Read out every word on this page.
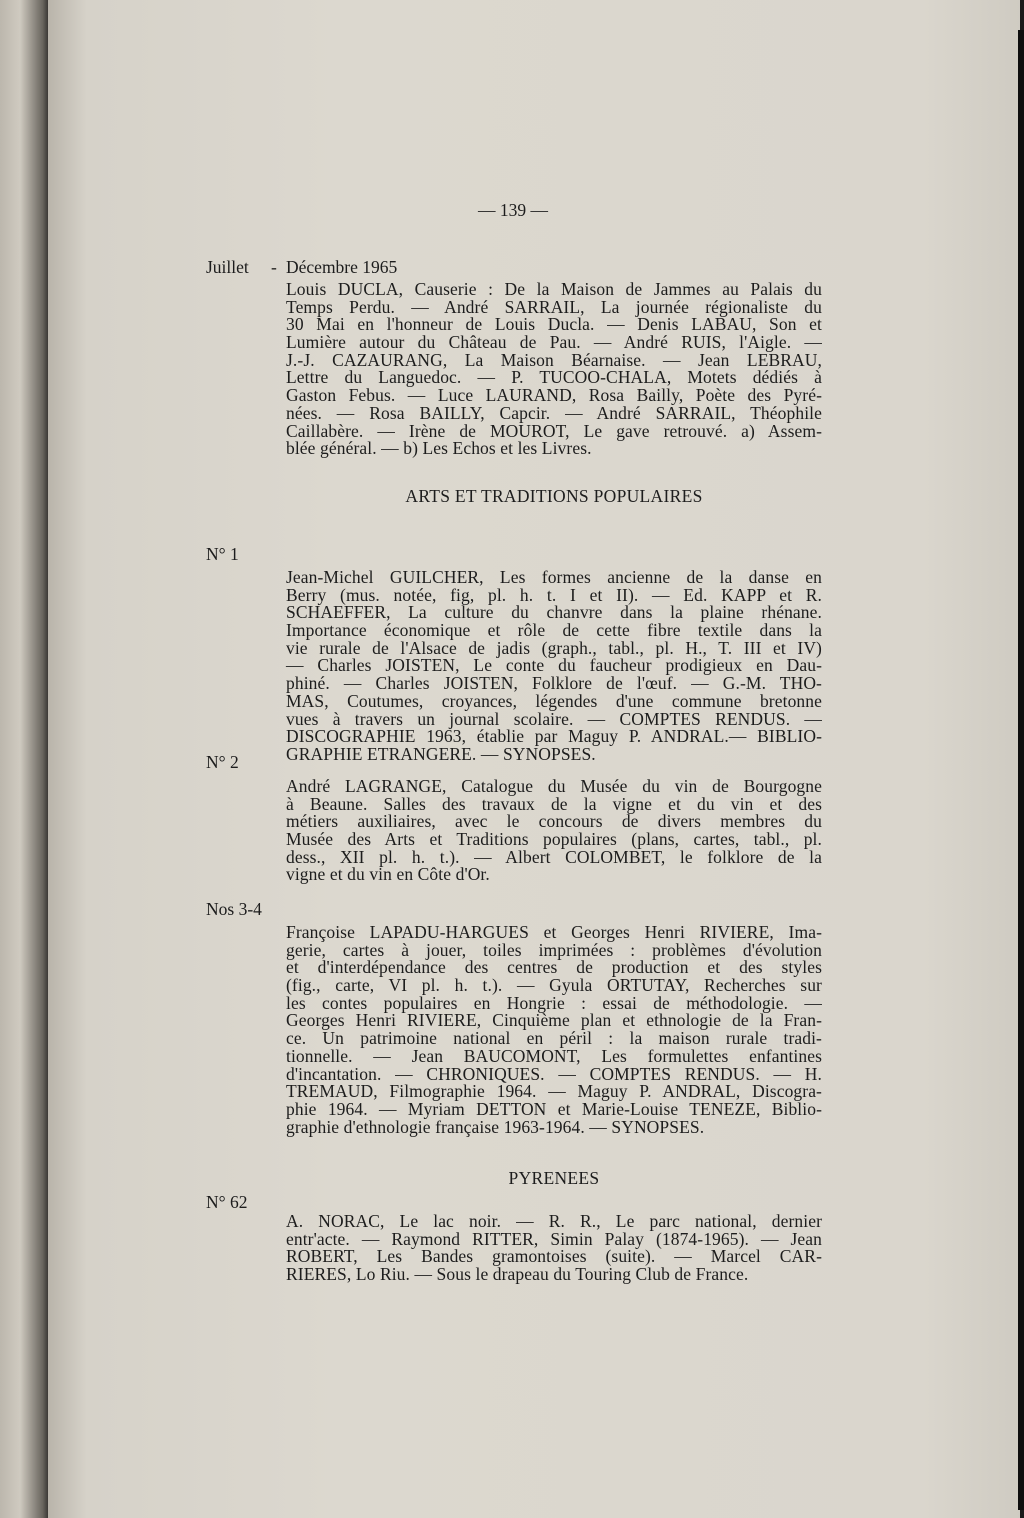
— 139 —
Juillet - Décembre 1965
Louis DUCLA, Causerie : De la Maison de Jammes au Palais du
Temps Perdu. — André SARRAIL, La journée régionaliste du
30 Mai en l'honneur de Louis Ducla. — Denis LABAU, Son et
Lumière autour du Château de Pau. — André RUIS, l'Aigle. —
J.-J. CAZAURANG, La Maison Béarnaise. — Jean LEBRAU,
Lettre du Languedoc. — P. TUCOO-CHALA, Motets dédiés à
Gaston Febus. — Luce LAURAND, Rosa Bailly, Poète des Pyré-
nées. — Rosa BAILLY, Capcir. — André SARRAIL, Théophile
Caillabère. — Irène de MOUROT, Le gave retrouvé. a) Assem-
blée général. — b) Les Echos et les Livres.
ARTS ET TRADITIONS POPULAIRES
N° 1
Jean-Michel GUILCHER, Les formes ancienne de la danse en
Berry (mus. notée, fig, pl. h. t. I et II). — Ed. KAPP et R.
SCHAEFFER, La culture du chanvre dans la plaine rhénane.
Importance économique et rôle de cette fibre textile dans la
vie rurale de l'Alsace de jadis (graph., tabl., pl. H., T. III et IV)
— Charles JOISTEN, Le conte du faucheur prodigieux en Dau-
phiné. — Charles JOISTEN, Folklore de l'œuf. — G.-M. THO-
MAS, Coutumes, croyances, légendes d'une commune bretonne
vues à travers un journal scolaire. — COMPTES RENDUS. —
DISCOGRAPHIE 1963, établie par Maguy P. ANDRAL.— BIBLIO-
GRAPHIE ETRANGERE. — SYNOPSES.
N° 2
André LAGRANGE, Catalogue du Musée du vin de Bourgogne
à Beaune. Salles des travaux de la vigne et du vin et des
métiers auxiliaires, avec le concours de divers membres du
Musée des Arts et Traditions populaires (plans, cartes, tabl., pl.
dess., XII pl. h. t.). — Albert COLOMBET, le folklore de la
vigne et du vin en Côte d'Or.
Nos 3-4
Françoise LAPADU-HARGUES et Georges Henri RIVIERE, Ima-
gerie, cartes à jouer, toiles imprimées : problèmes d'évolution
et d'interdépendance des centres de production et des styles
(fig., carte, VI pl. h. t.). — Gyula ORTUTAY, Recherches sur
les contes populaires en Hongrie : essai de méthodologie. —
Georges Henri RIVIERE, Cinquième plan et ethnologie de la Fran-
ce. Un patrimoine national en péril : la maison rurale tradi-
tionnelle. — Jean BAUCOMONT, Les formulettes enfantines
d'incantation. — CHRONIQUES. — COMPTES RENDUS. — H.
TREMAUD, Filmographie 1964. — Maguy P. ANDRAL, Discogra-
phie 1964. — Myriam DETTON et Marie-Louise TENEZE, Biblio-
graphie d'ethnologie française 1963-1964. — SYNOPSES.
PYRENEES
N° 62
A. NORAC, Le lac noir. — R. R., Le parc national, dernier
entr'acte. — Raymond RITTER, Simin Palay (1874-1965). — Jean
ROBERT, Les Bandes gramontoises (suite). — Marcel CAR-
RIERES, Lo Riu. — Sous le drapeau du Touring Club de France.
